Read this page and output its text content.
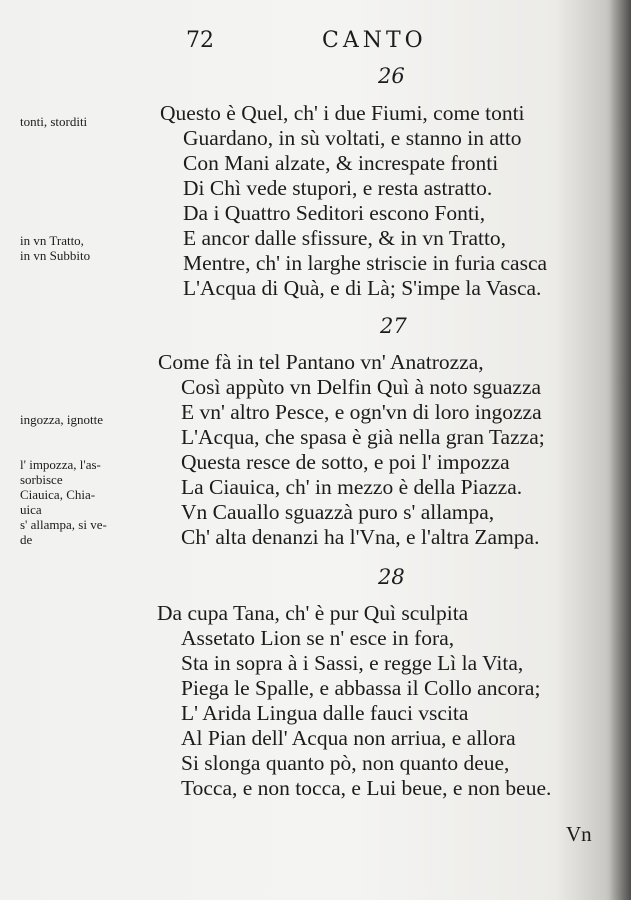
72	CANTO
26
Questo è Quel, ch' i due Fiumi, come tonti
Guardano, in sù voltati, e stanno in atto
Con Mani alzate, & increspate fronti
Di Chì vede stupori, e resta astratto.
Da i Quattro Seditori escono Fonti,
E ancor dalle sfissure, & in vn Tratto,
Mentre, ch' in larghe striscie in furia casca
L'Acqua di Quà, e di Là; S'impe la Vasca.
27
Come fà in tel Pantano vn' Anatrozza,
Così appùto vn Delfin Quì à noto sguazza
E vn' altro Pesce, e ogn'vn di loro ingozza
L'Acqua, che spasa è già nella gran Tazza;
Questa resce de sotto, e poi l' impozza
La Ciauica, ch' in mezzo è della Piazza.
Vn Cauallo sguazzà puro s' allampa,
Ch' alta denanzi ha l'Vna, e l'altra Zampa.
28
Da cupa Tana, ch' è pur Quì sculpita
Assetato Lion se n' esce in fora,
Sta in sopra à i Sassi, e regge Lì la Vita,
Piega le Spalle, e abbassa il Collo ancora;
L' Arida Lingua dalle fauci vscita
Al Pian dell' Acqua non arriua, e allora
Si slonga quanto pò, non quanto deue,
Tocca, e non tocca, e Lui beue, e non beue.
tonti, storditi
in vn Tratto,
in vn Subbito
ingozza, ignotte
l' impozza, l'as-
sorbisce
Ciauica, Chia-
uica
s' allampa, si ve-
de
Vn
